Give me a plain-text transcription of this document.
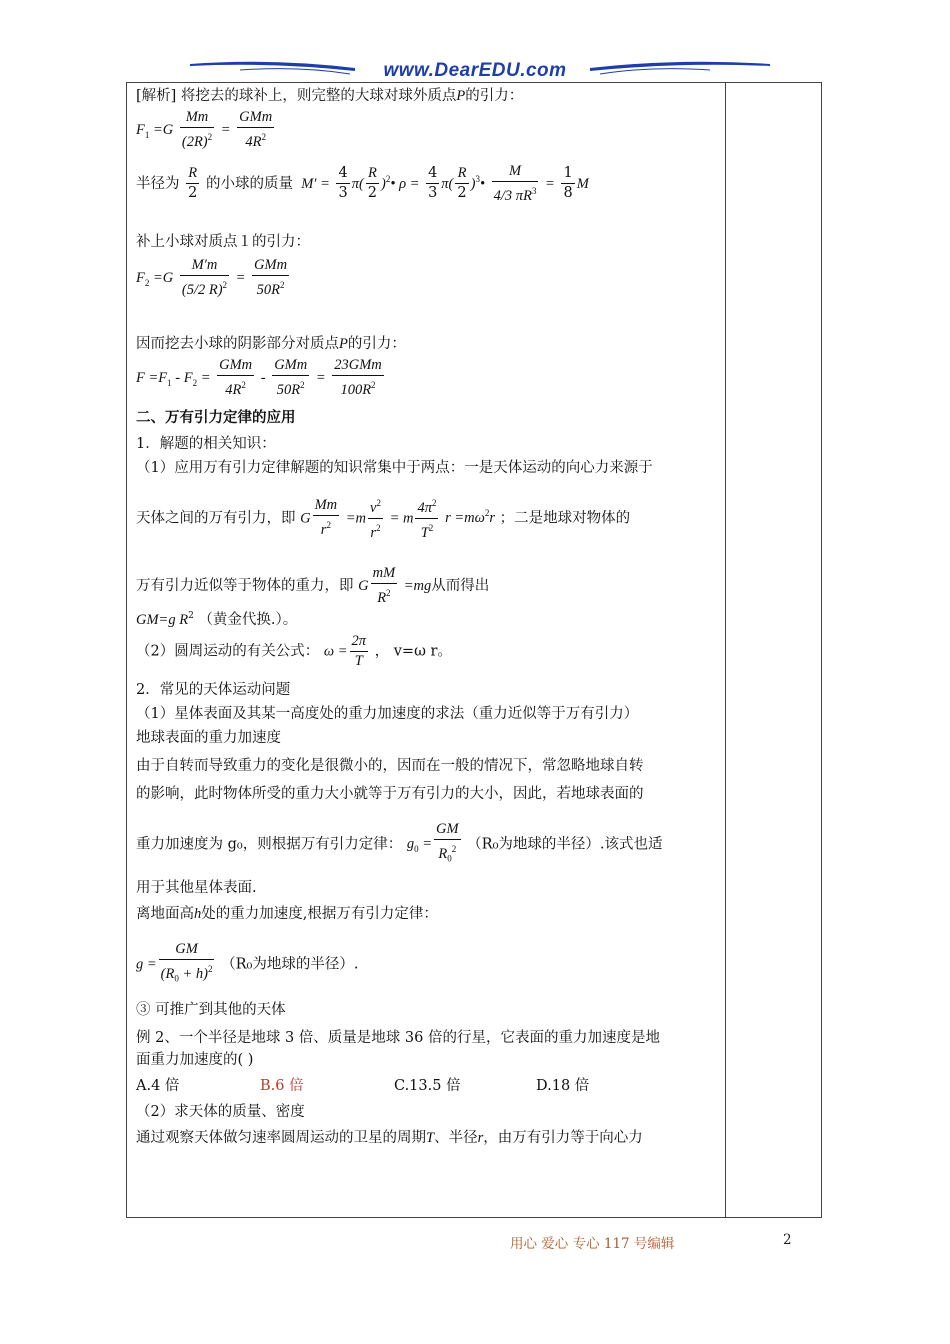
www.DearEDU.com
[解析] 将挖去的球补上，则完整的大球对球外质点P的引力：
$F_1 =G \frac{Mm}{(2R)^2} = \frac{\text{GMm}}{4R^2}$
半径为 $\frac{R}{2}$ 的小球的质量  $M' = \frac{4}{3} \pi( \frac{R}{2}$ )$^2•$ $\rho = \frac{4}{3} \pi( \frac{R}{2}$ )$^3• \frac{M}{4/3 \pi R^3} = \frac{1}{8}$ M
补上小球对质点１的引力：
$F_2 =G \frac{M'm}{(5/2 R)^2} = \frac{\text{GMm}}{50R^2}$
因而挖去小球的阴影部分对质点P的引力：
$F =F_1 - F_2 = \frac{\text{GMm}}{4R^2} - \frac{\text{GMm}}{50R^2} = \frac{\text{23GMm}}{100R^2}$
二、万有引力定律的应用
1．解题的相关知识：
（1）应用万有引力定律解题的知识常集中于两点：一是天体运动的向心力来源于
天体之间的万有引力，即 G $\frac{Mm}{r^2} =m \frac{v^2}{r^2} = m \frac{4\pi^2}{T^2}$ $r =m\omega^2r$ ；二是地球对物体的
万有引力近似等于物体的重力，即 G $\frac{mM}{R^2} =mg$从而得出
GM=g $R^2$ （黄金代换.）。
（2）圆周运动的有关公式： $\omega = \frac{2\pi}{T}$ ， v=ω r。
2．常见的天体运动问题
（1）星体表面及其某一高度处的重力加速度的求法（重力近似等于万有引力）
地球表面的重力加速度
由于自转而导致重力的变化是很微小的，因而在一般的情况下，常忽略地球自转
的影响，此时物体所受的重力大小就等于万有引力的大小，因此，若地球表面的
重力加速度为 g₀，则根据万有引力定律： $g_0 = \frac{GM}{R_0^2} (R_0$为地球的半径）.该式也适
用于其他星体表面.
离地面高h处的重力加速度,根据万有引力定律：
$g = \frac{GM}{(R_0 + h)^2} (R_0$为地球的半径）.
③ 可推广到其他的天体
例 2、一个半径是地球 3 倍、质量是地球 36 倍的行星，它表面的重力加速度是地
面重力加速度的( )
A.4 倍	B.6 倍	C.13.5 倍	D.18 倍
（2）求天体的质量、密度
通过观察天体做匀速率圆周运动的卫星的周期T、半径r，由万有引力等于向心力
用心 爱心 专心 117 号编辑	2
